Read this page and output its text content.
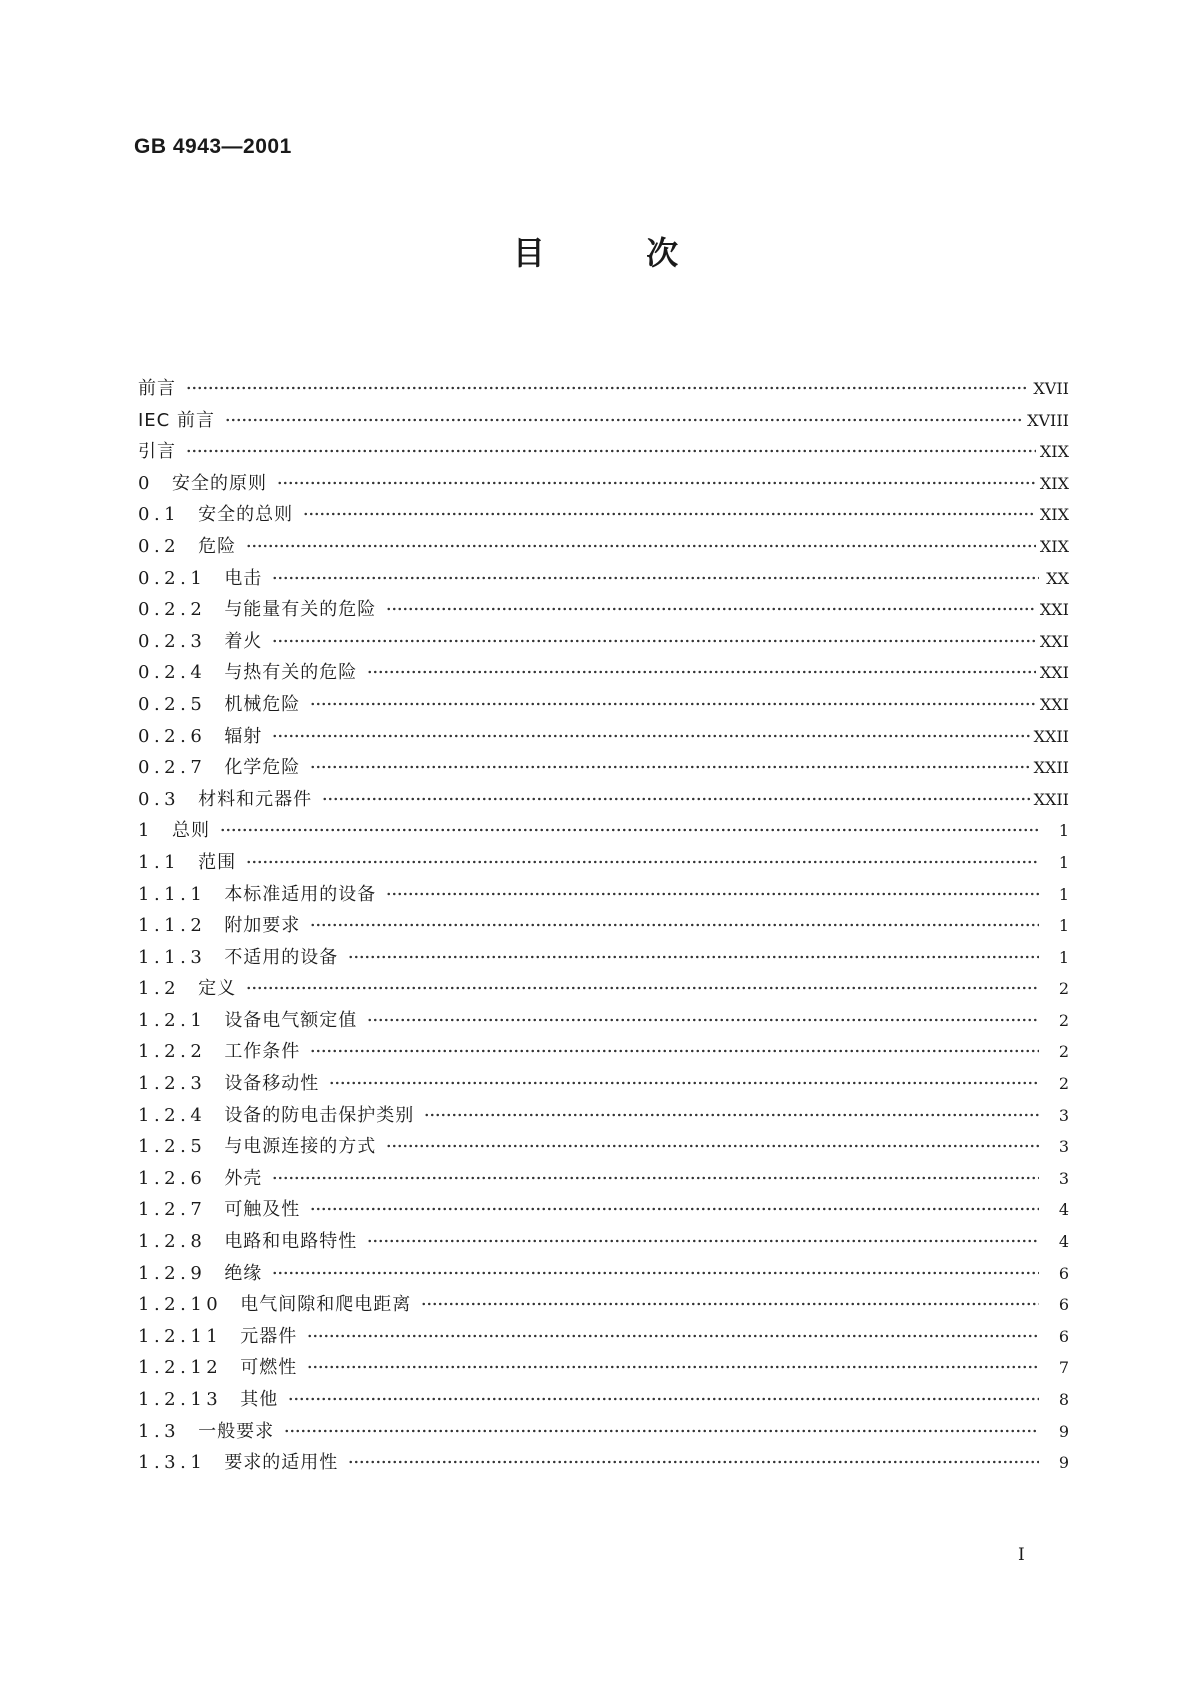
GB 4943—2001
目 次
前言	XVII
IEC 前言	XVIII
引言	XIX
0 安全的原则	XIX
0.1 安全的总则	XIX
0.2 危险	XIX
0.2.1 电击	XX
0.2.2 与能量有关的危险	XXI
0.2.3 着火	XXI
0.2.4 与热有关的危险	XXI
0.2.5 机械危险	XXI
0.2.6 辐射	XXII
0.2.7 化学危险	XXII
0.3 材料和元器件	XXII
1 总则	1
1.1 范围	1
1.1.1 本标准适用的设备	1
1.1.2 附加要求	1
1.1.3 不适用的设备	1
1.2 定义	2
1.2.1 设备电气额定值	2
1.2.2 工作条件	2
1.2.3 设备移动性	2
1.2.4 设备的防电击保护类别	3
1.2.5 与电源连接的方式	3
1.2.6 外壳	3
1.2.7 可触及性	4
1.2.8 电路和电路特性	4
1.2.9 绝缘	6
1.2.10 电气间隙和爬电距离	6
1.2.11 元器件	6
1.2.12 可燃性	7
1.2.13 其他	8
1.3 一般要求	9
1.3.1 要求的适用性	9
I
